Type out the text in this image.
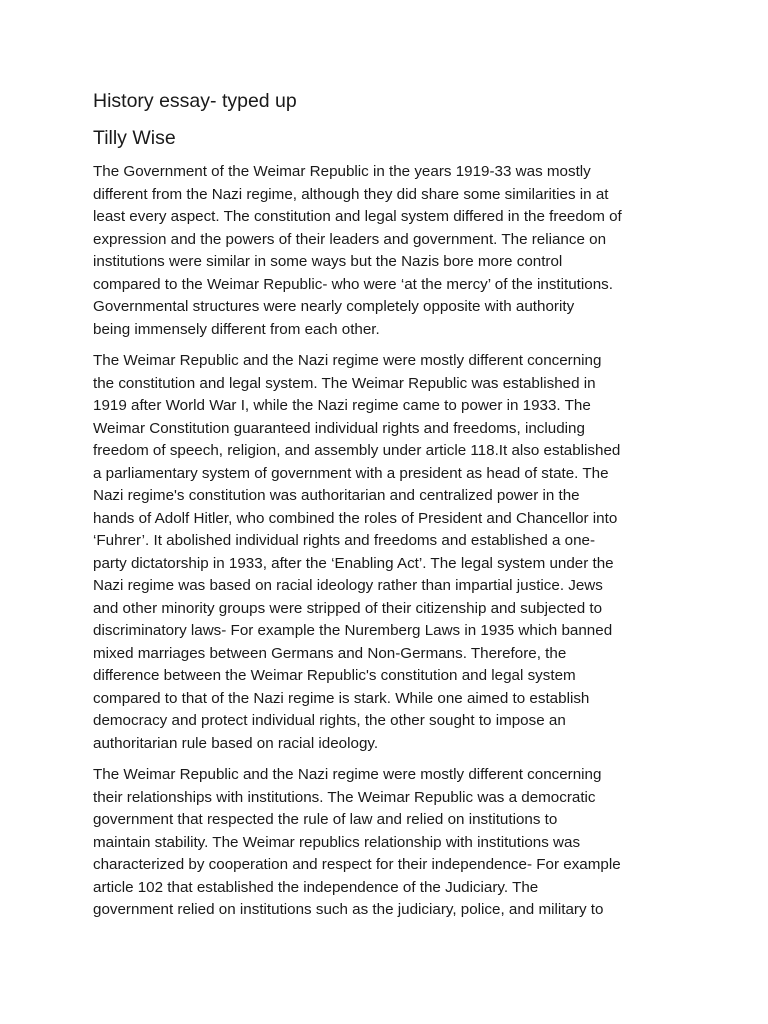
History essay- typed up
Tilly Wise

The Government of the Weimar Republic in the years 1919-33 was mostly
different from the Nazi regime, although they did share some similarities in at
least every aspect. The constitution and legal system differed in the freedom of
expression and the powers of their leaders and government. The reliance on
institutions were similar in some ways but the Nazis bore more control
compared to the Weimar Republic- who were ‘at the mercy’ of the institutions.
Governmental structures were nearly completely opposite with authority
being immensely different from each other.

The Weimar Republic and the Nazi regime were mostly different concerning
the constitution and legal system. The Weimar Republic was established in
1919 after World War I, while the Nazi regime came to power in 1933. The
Weimar Constitution guaranteed individual rights and freedoms, including
freedom of speech, religion, and assembly under article 118.It also established
a parliamentary system of government with a president as head of state. The
Nazi regime's constitution was authoritarian and centralized power in the
hands of Adolf Hitler, who combined the roles of President and Chancellor into
‘Fuhrer’. It abolished individual rights and freedoms and established a one-
party dictatorship in 1933, after the ‘Enabling Act’. The legal system under the
Nazi regime was based on racial ideology rather than impartial justice. Jews
and other minority groups were stripped of their citizenship and subjected to
discriminatory laws- For example the Nuremberg Laws in 1935 which banned
mixed marriages between Germans and Non-Germans. Therefore, the
difference between the Weimar Republic's constitution and legal system
compared to that of the Nazi regime is stark. While one aimed to establish
democracy and protect individual rights, the other sought to impose an
authoritarian rule based on racial ideology.

The Weimar Republic and the Nazi regime were mostly different concerning
their relationships with institutions. The Weimar Republic was a democratic
government that respected the rule of law and relied on institutions to
maintain stability. The Weimar republics relationship with institutions was
characterized by cooperation and respect for their independence- For example
article 102 that established the independence of the Judiciary. The
government relied on institutions such as the judiciary, police, and military to
